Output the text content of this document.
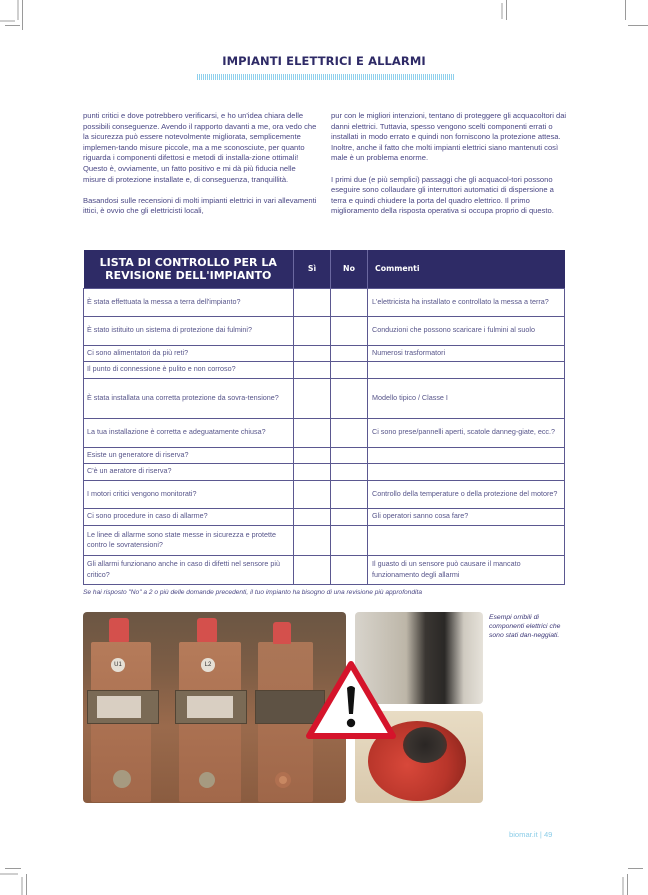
IMPIANTI ELETTRICI E ALLARMI

punti critici e dove potrebbero verificarsi, e ho un'idea chiara delle possibili conseguenze. Avendo il rapporto davanti a me, ora vedo che la sicurezza può essere notevolmente migliorata, semplicemente implemen-tando misure piccole, ma a me sconosciute, per quanto riguarda i componenti difettosi e metodi di installa-zione ottimali! Questo è, ovviamente, un fatto positivo e mi dà più fiducia nelle misure di protezione installate e, di conseguenza, tranquillità.

Basandosi sulle recensioni di molti impianti elettrici in vari allevamenti ittici, è ovvio che gli elettricisti locali,

pur con le migliori intenzioni, tentano di proteggere gli acquacoltori dai danni elettrici. Tuttavia, spesso vengono scelti componenti errati o installati in modo errato e quindi non forniscono la protezione attesa. Inoltre, anche il fatto che molti impianti elettrici siano mantenuti così male è un problema enorme.

I primi due (e più semplici) passaggi che gli acquacol-tori possono eseguire sono collaudare gli interruttori automatici di dispersione a terra e quindi chiudere la porta del quadro elettrico. Il primo miglioramento della risposta operativa si occupa proprio di questo.

LISTA DI CONTROLLO PER LA REVISIONE DELL'IMPIANTO	Sì	No	Commenti
È stata effettuata la messa a terra dell'impianto?			L'elettricista ha installato e controllato la messa a terra?
È stato istituito un sistema di protezione dai fulmini?			Conduzioni che possono scaricare i fulmini al suolo
Ci sono alimentatori da più reti?			Numerosi trasformatori
Il punto di connessione è pulito e non corroso?			
È stata installata una corretta protezione da sovra-tensione?			Modello tipico / Classe I
La tua installazione è corretta e adeguatamente chiusa?			Ci sono prese/pannelli aperti, scatole danneg-giate, ecc.?
Esiste un generatore di riserva?			
C'è un aeratore di riserva?			
I motori critici vengono monitorati?			Controllo della temperature o della protezione del motore?
Ci sono procedure in caso di allarme?			Gli operatori sanno cosa fare?
Le linee di allarme sono state messe in sicurezza e protette contro le sovratensioni?			
Gli allarmi funzionano anche in caso di difetti nel sensore più critico?			Il guasto di un sensore può causare il mancato funzionamento degli allarmi
Se hai risposto "No" a 2 o più delle domande precedenti, il tuo impianto ha bisogno di una revisione più approfondita
U1	L2
Esempi orribili di componenti elettrici che sono stati dan-neggiati.
biomar.it | 49
